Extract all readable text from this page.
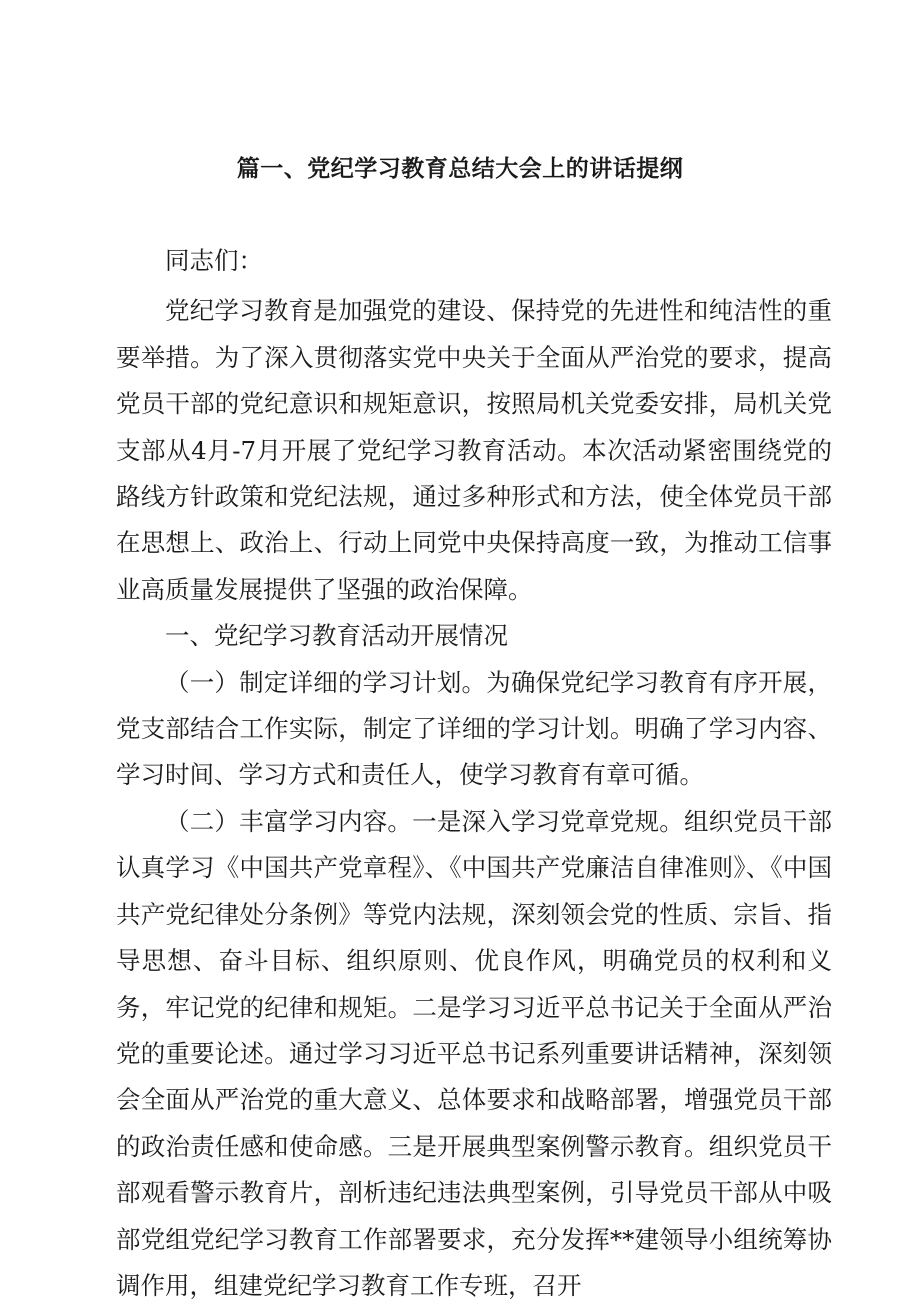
篇一、党纪学习教育总结大会上的讲话提纲

同志们：

党纪学习教育是加强党的建设、保持党的先进性和纯洁性的重要举措。为了深入贯彻落实党中央关于全面从严治党的要求，提高党员干部的党纪意识和规矩意识，按照局机关党委安排，局机关党支部从4月-7月开展了党纪学习教育活动。本次活动紧密围绕党的路线方针政策和党纪法规，通过多种形式和方法，使全体党员干部在思想上、政治上、行动上同党中央保持高度一致，为推动工信事业高质量发展提供了坚强的政治保障。

一、党纪学习教育活动开展情况

（一）制定详细的学习计划。为确保党纪学习教育有序开展，党支部结合工作实际，制定了详细的学习计划。明确了学习内容、学习时间、学习方式和责任人，使学习教育有章可循。

（二）丰富学习内容。一是深入学习党章党规。组织党员干部认真学习《中国共产党章程》、《中国共产党廉洁自律准则》、《中国共产党纪律处分条例》等党内法规，深刻领会党的性质、宗旨、指导思想、奋斗目标、组织原则、优良作风，明确党员的权利和义务，牢记党的纪律和规矩。二是学习习近平总书记关于全面从严治党的重要论述。通过学习习近平总书记系列重要讲话精神，深刻领会全面从严治党的重大意义、总体要求和战略部署，增强党员干部的政治责任感和使命感。三是开展典型案例警示教育。组织党员干部观看警示教育片，剖析违纪违法典型案例，引导党员干部从中吸部党组党纪学习教育工作部署要求，充分发挥**建领导小组统筹协调作用，组建党纪学习教育工作专班，召开
